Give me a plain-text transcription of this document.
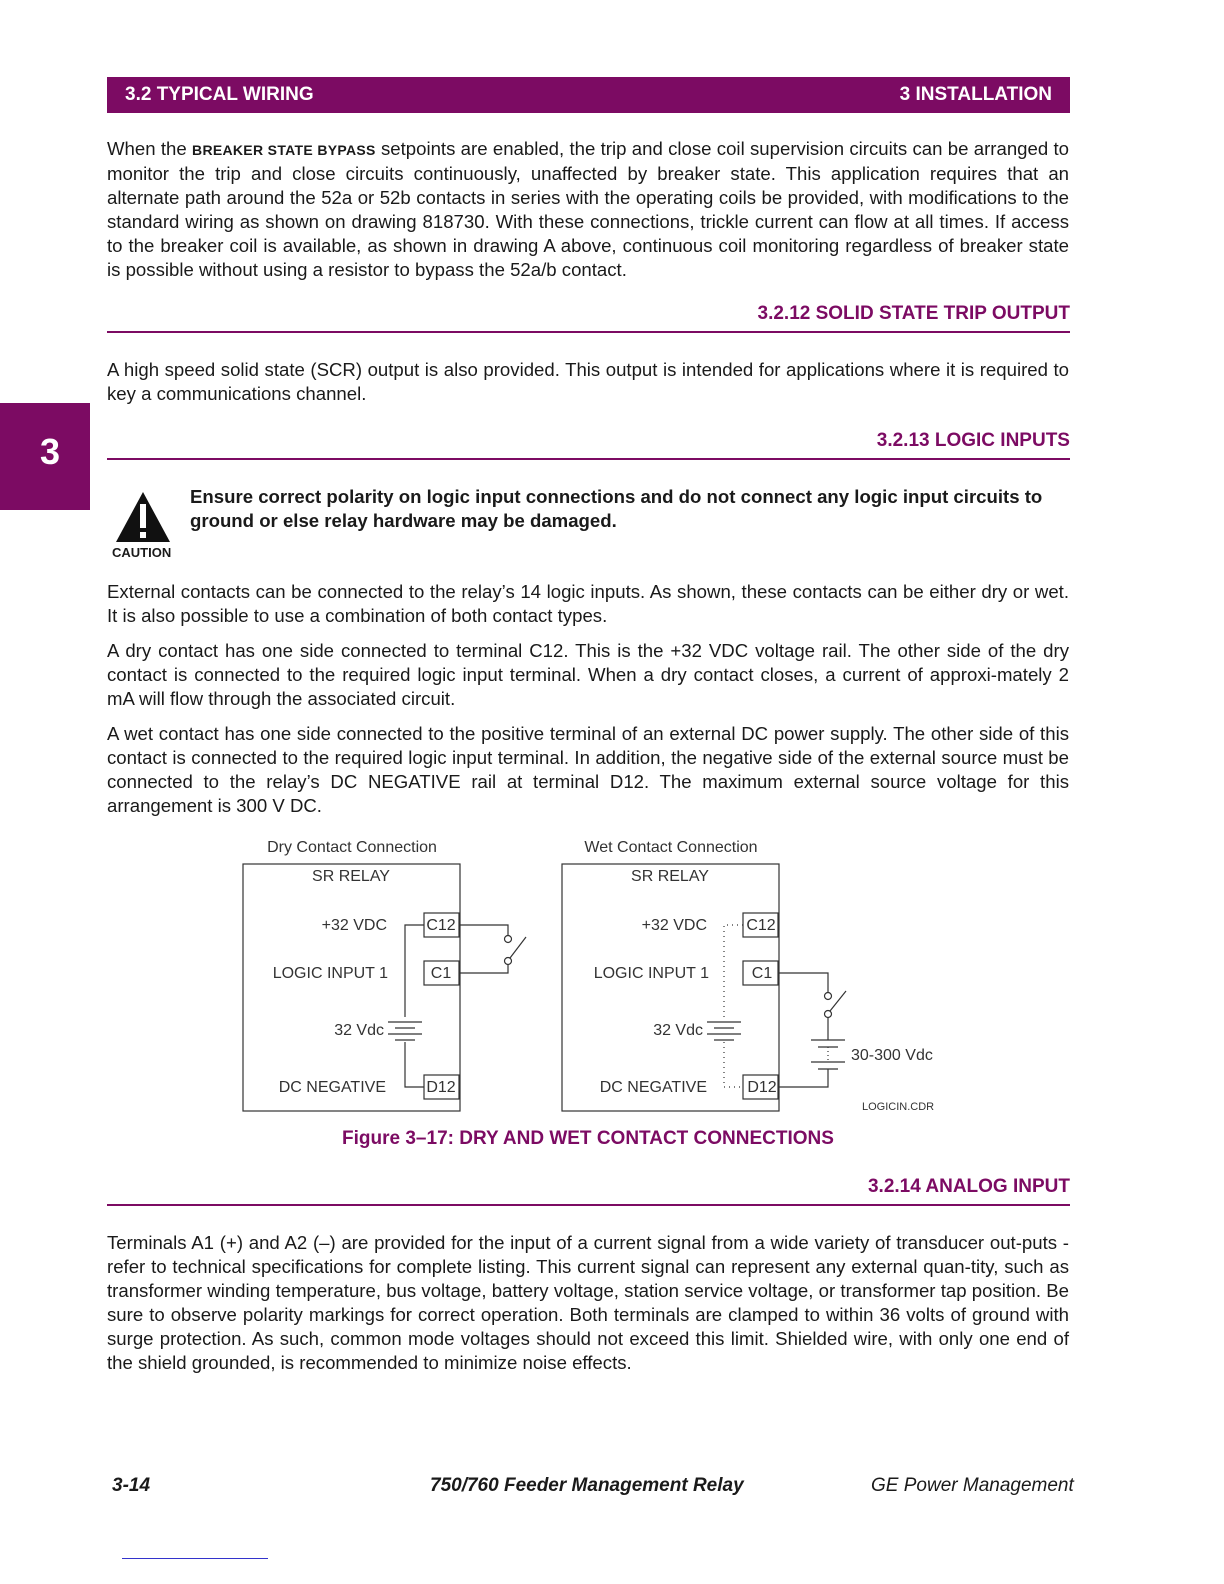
3.2 TYPICAL WIRING	3 INSTALLATION
3

When the BREAKER STATE BYPASS setpoints are enabled, the trip and close coil supervision circuits can be arranged to monitor the trip and close circuits continuously, unaffected by breaker state. This application requires that an alternate path around the 52a or 52b contacts in series with the operating coils be provided, with modifications to the standard wiring as shown on drawing 818730. With these connections, trickle current can flow at all times. If access to the breaker coil is available, as shown in drawing A above, continuous coil monitoring regardless of breaker state is possible without using a resistor to bypass the 52a/b contact.

3.2.12 SOLID STATE TRIP OUTPUT

A high speed solid state (SCR) output is also provided. This output is intended for applications where it is required to key a communications channel.

3.2.13 LOGIC INPUTS
CAUTION

Ensure correct polarity on logic input connections and do not connect any logic input circuits to ground or else relay hardware may be damaged.

External contacts can be connected to the relay’s 14 logic inputs. As shown, these contacts can be either dry or wet. It is also possible to use a combination of both contact types.

A dry contact has one side connected to terminal C12. This is the +32 VDC voltage rail. The other side of the dry contact is connected to the required logic input terminal. When a dry contact closes, a current of approxi-mately 2 mA will flow through the associated circuit.

A wet contact has one side connected to the positive terminal of an external DC power supply. The other side of this contact is connected to the required logic input terminal. In addition, the negative side of the external source must be connected to the relay’s DC NEGATIVE rail at terminal D12. The maximum external source voltage for this arrangement is 300 V DC.

Dry Contact Connection
SR RELAY
+32 VDC
LOGIC INPUT 1
32 Vdc
DC NEGATIVE
C12
C1
D12
Wet Contact Connection
SR RELAY
+32 VDC
LOGIC INPUT 1
32 Vdc
DC NEGATIVE
C12
C1
D12
30-300 Vdc
LOGICIN.CDR
Figure 3–17: DRY AND WET CONTACT CONNECTIONS
3.2.14 ANALOG INPUT

Terminals A1 (+) and A2 (–) are provided for the input of a current signal from a wide variety of transducer out-puts - refer to technical specifications for complete listing. This current signal can represent any external quan-tity, such as transformer winding temperature, bus voltage, battery voltage, station service voltage, or transformer tap position. Be sure to observe polarity markings for correct operation. Both terminals are clamped to within 36 volts of ground with surge protection. As such, common mode voltages should not exceed this limit. Shielded wire, with only one end of the shield grounded, is recommended to minimize noise effects.

3-14	750/760 Feeder Management Relay	GE Power Management
